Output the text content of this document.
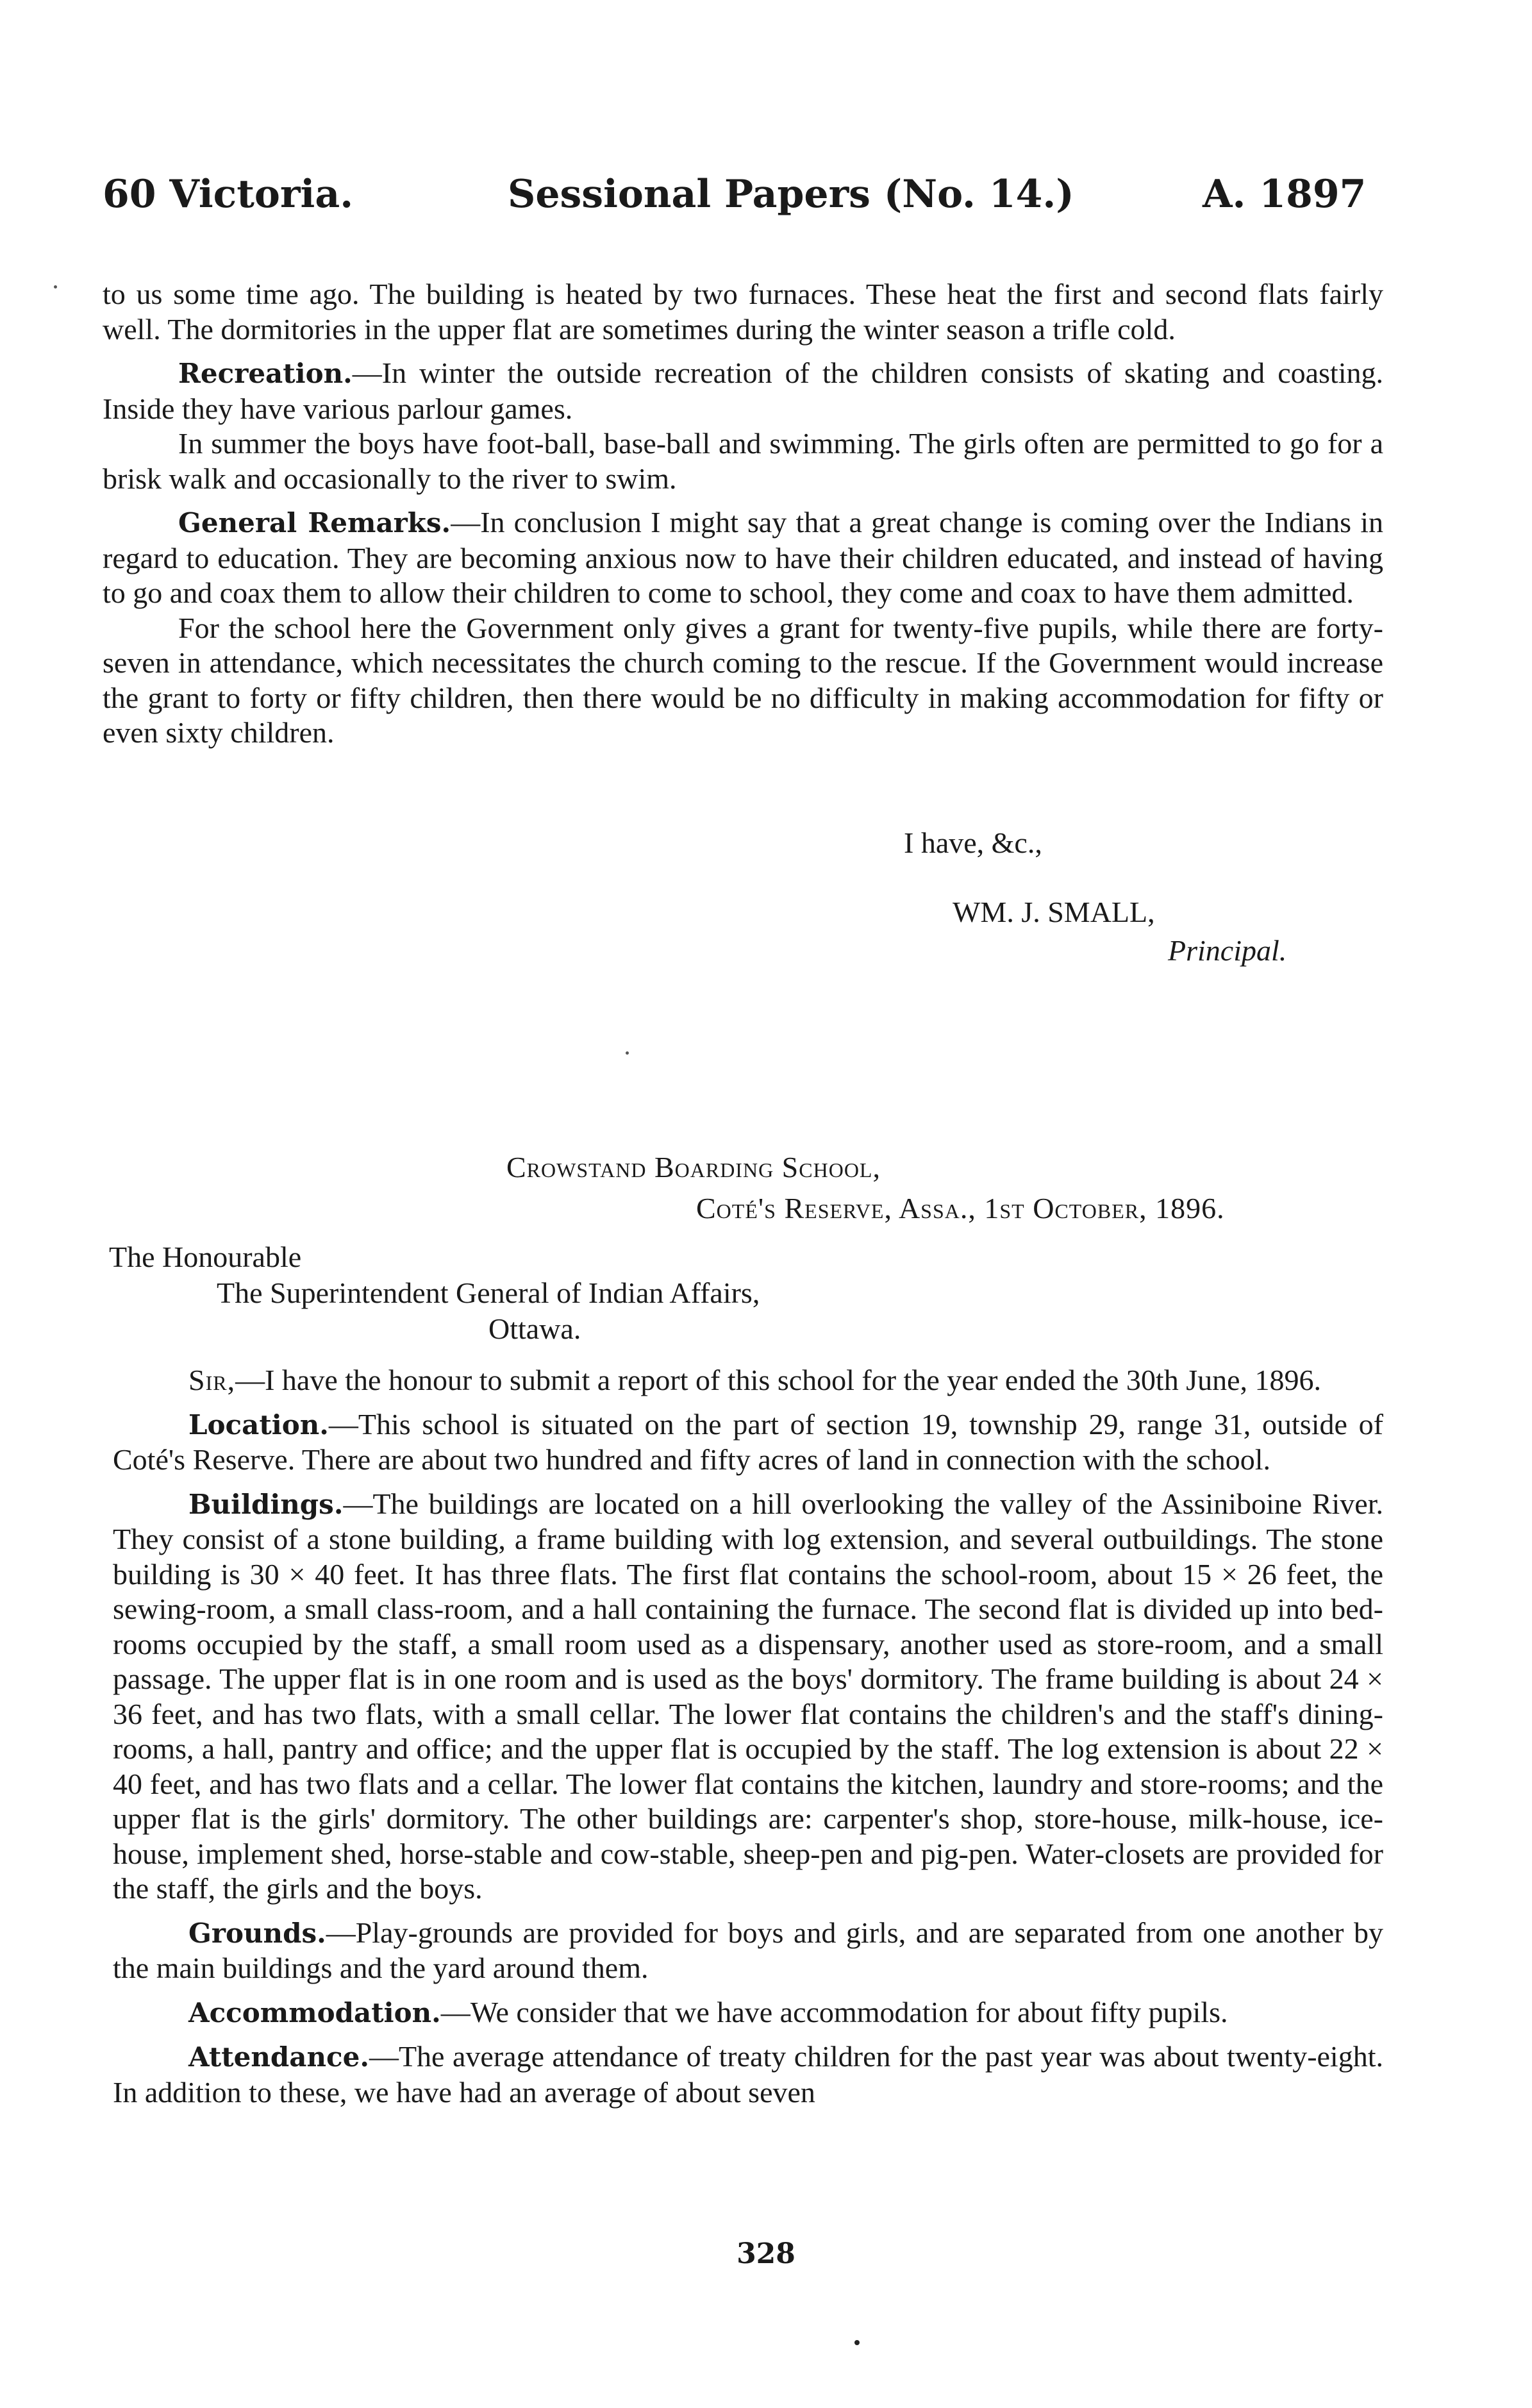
60 Victoria.	Sessional Papers (No. 14.)	A. 1897

to us some time ago. The building is heated by two furnaces. These heat the first and second flats fairly well. The dormitories in the upper flat are sometimes during the winter season a trifle cold.

Recreation.—In winter the outside recreation of the children consists of skating and coasting. Inside they have various parlour games.

In summer the boys have foot-ball, base-ball and swimming. The girls often are permitted to go for a brisk walk and occasionally to the river to swim.

General Remarks.—In conclusion I might say that a great change is coming over the Indians in regard to education. They are becoming anxious now to have their children educated, and instead of having to go and coax them to allow their children to come to school, they come and coax to have them admitted.

For the school here the Government only gives a grant for twenty-five pupils, while there are forty-seven in attendance, which necessitates the church coming to the rescue. If the Government would increase the grant to forty or fifty children, then there would be no difficulty in making accommodation for fifty or even sixty children.

I have, &c.,
WM. J. SMALL,
Principal.
Crowstand Boarding School,
Coté's Reserve, Assa., 1st October, 1896.
The Honourable
The Superintendent General of Indian Affairs,
Ottawa.

Sir,—I have the honour to submit a report of this school for the year ended the 30th June, 1896.

Location.—This school is situated on the part of section 19, township 29, range 31, outside of Coté's Reserve. There are about two hundred and fifty acres of land in connection with the school.

Buildings.—The buildings are located on a hill overlooking the valley of the Assiniboine River. They consist of a stone building, a frame building with log extension, and several outbuildings. The stone building is 30 × 40 feet. It has three flats. The first flat contains the school-room, about 15 × 26 feet, the sewing-room, a small class-room, and a hall containing the furnace. The second flat is divided up into bed-rooms occupied by the staff, a small room used as a dispensary, another used as store-room, and a small passage. The upper flat is in one room and is used as the boys' dormitory. The frame building is about 24 × 36 feet, and has two flats, with a small cellar. The lower flat contains the children's and the staff's dining-rooms, a hall, pantry and office; and the upper flat is occupied by the staff. The log extension is about 22 × 40 feet, and has two flats and a cellar. The lower flat contains the kitchen, laundry and store-rooms; and the upper flat is the girls' dormitory. The other buildings are: carpenter's shop, store-house, milk-house, ice-house, implement shed, horse-stable and cow-stable, sheep-pen and pig-pen. Water-closets are provided for the staff, the girls and the boys.

Grounds.—Play-grounds are provided for boys and girls, and are separated from one another by the main buildings and the yard around them.

Accommodation.—We consider that we have accommodation for about fifty pupils.

Attendance.—The average attendance of treaty children for the past year was about twenty-eight. In addition to these, we have had an average of about seven

328
